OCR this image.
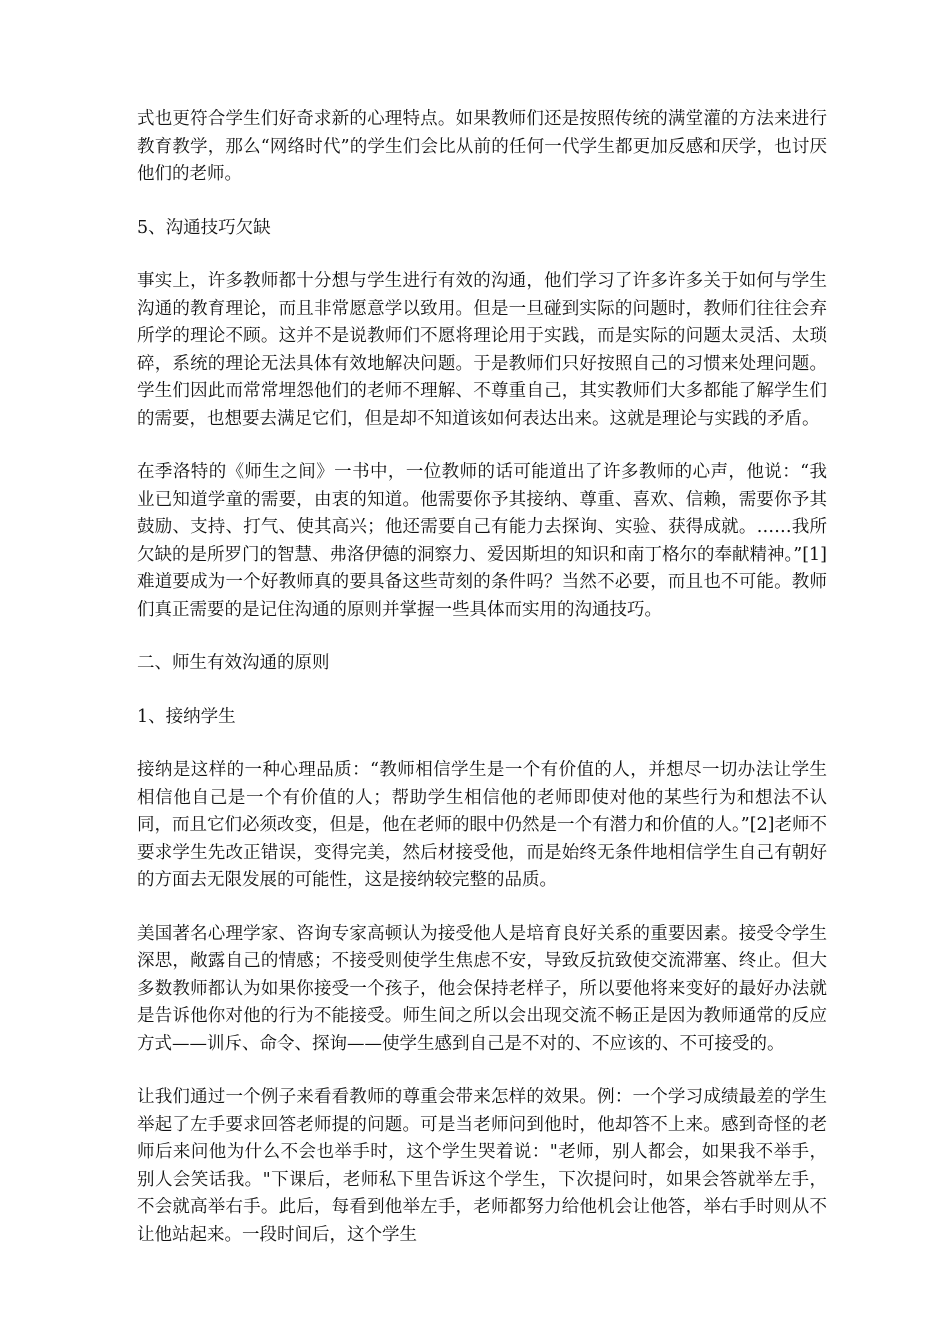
式也更符合学生们好奇求新的心理特点。如果教师们还是按照传统的满堂灌的方法来进行教育教学，那么“网络时代”的学生们会比从前的任何一代学生都更加反感和厌学，也讨厌他们的老师。

5、沟通技巧欠缺

事实上，许多教师都十分想与学生进行有效的沟通，他们学习了许多许多关于如何与学生沟通的教育理论，而且非常愿意学以致用。但是一旦碰到实际的问题时，教师们往往会弃所学的理论不顾。这并不是说教师们不愿将理论用于实践，而是实际的问题太灵活、太琐碎，系统的理论无法具体有效地解决问题。于是教师们只好按照自己的习惯来处理问题。学生们因此而常常埋怨他们的老师不理解、不尊重自己，其实教师们大多都能了解学生们的需要，也想要去满足它们，但是却不知道该如何表达出来。这就是理论与实践的矛盾。

在季洛特的《师生之间》一书中，一位教师的话可能道出了许多教师的心声，他说：“我业已知道学童的需要，由衷的知道。他需要你予其接纳、尊重、喜欢、信赖，需要你予其鼓励、支持、打气、使其高兴；他还需要自己有能力去探询、实验、获得成就。……我所欠缺的是所罗门的智慧、弗洛伊德的洞察力、爱因斯坦的知识和南丁格尔的奉献精神。”[1]难道要成为一个好教师真的要具备这些苛刻的条件吗？当然不必要，而且也不可能。教师们真正需要的是记住沟通的原则并掌握一些具体而实用的沟通技巧。

二、师生有效沟通的原则

1、接纳学生

接纳是这样的一种心理品质：“教师相信学生是一个有价值的人，并想尽一切办法让学生相信他自己是一个有价值的人；帮助学生相信他的老师即使对他的某些行为和想法不认同，而且它们必须改变，但是，他在老师的眼中仍然是一个有潜力和价值的人。”[2]老师不要求学生先改正错误，变得完美，然后材接受他，而是始终无条件地相信学生自己有朝好的方面去无限发展的可能性，这是接纳较完整的品质。

美国著名心理学家、咨询专家高顿认为接受他人是培育良好关系的重要因素。接受令学生深思，敞露自己的情感；不接受则使学生焦虑不安，导致反抗致使交流滞塞、终止。但大多数教师都认为如果你接受一个孩子，他会保持老样子，所以要他将来变好的最好办法就是告诉他你对他的行为不能接受。师生间之所以会出现交流不畅正是因为教师通常的反应方式——训斥、命令、探询——使学生感到自己是不对的、不应该的、不可接受的。

让我们通过一个例子来看看教师的尊重会带来怎样的效果。例：一个学习成绩最差的学生举起了左手要求回答老师提的问题。可是当老师问到他时，他却答不上来。感到奇怪的老师后来问他为什么不会也举手时，这个学生哭着说："老师，别人都会，如果我不举手，别人会笑话我。"下课后，老师私下里告诉这个学生，下次提问时，如果会答就举左手，不会就高举右手。此后，每看到他举左手，老师都努力给他机会让他答，举右手时则从不让他站起来。一段时间后，这个学生
